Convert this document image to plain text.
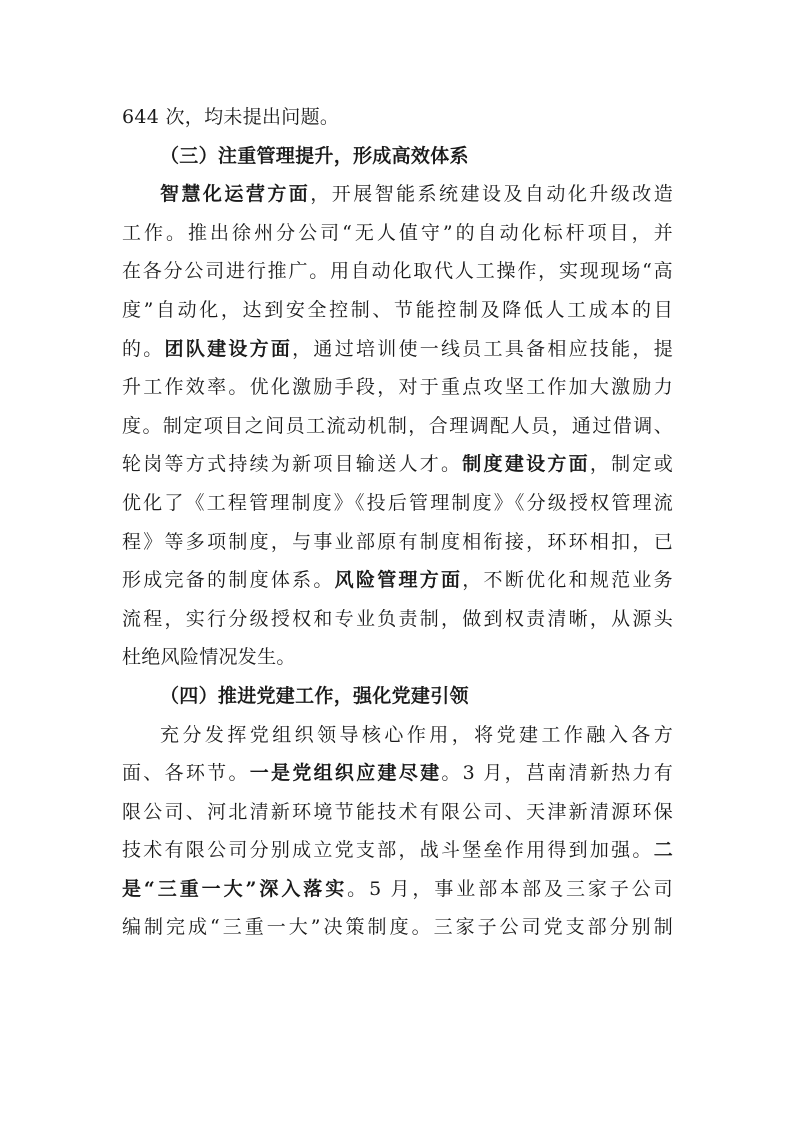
644 次，均未提出问题。
（三）注重管理提升，形成高效体系
智慧化运营方面，开展智能系统建设及自动化升级改造
工作。推出徐州分公司“无人值守”的自动化标杆项目，并
在各分公司进行推广。用自动化取代人工操作，实现现场“高
度”自动化，达到安全控制、节能控制及降低人工成本的目
的。团队建设方面，通过培训使一线员工具备相应技能，提
升工作效率。优化激励手段，对于重点攻坚工作加大激励力
度。制定项目之间员工流动机制，合理调配人员，通过借调、
轮岗等方式持续为新项目输送人才。制度建设方面，制定或
优化了《工程管理制度》《投后管理制度》《分级授权管理流
程》等多项制度，与事业部原有制度相衔接，环环相扣，已
形成完备的制度体系。风险管理方面，不断优化和规范业务
流程，实行分级授权和专业负责制，做到权责清晰，从源头
杜绝风险情况发生。
（四）推进党建工作，强化党建引领
充分发挥党组织领导核心作用，将党建工作融入各方
面、各环节。一是党组织应建尽建。3 月，莒南清新热力有
限公司、河北清新环境节能技术有限公司、天津新清源环保
技术有限公司分别成立党支部，战斗堡垒作用得到加强。二
是“三重一大”深入落实。5 月，事业部本部及三家子公司
编制完成“三重一大”决策制度。三家子公司党支部分别制
